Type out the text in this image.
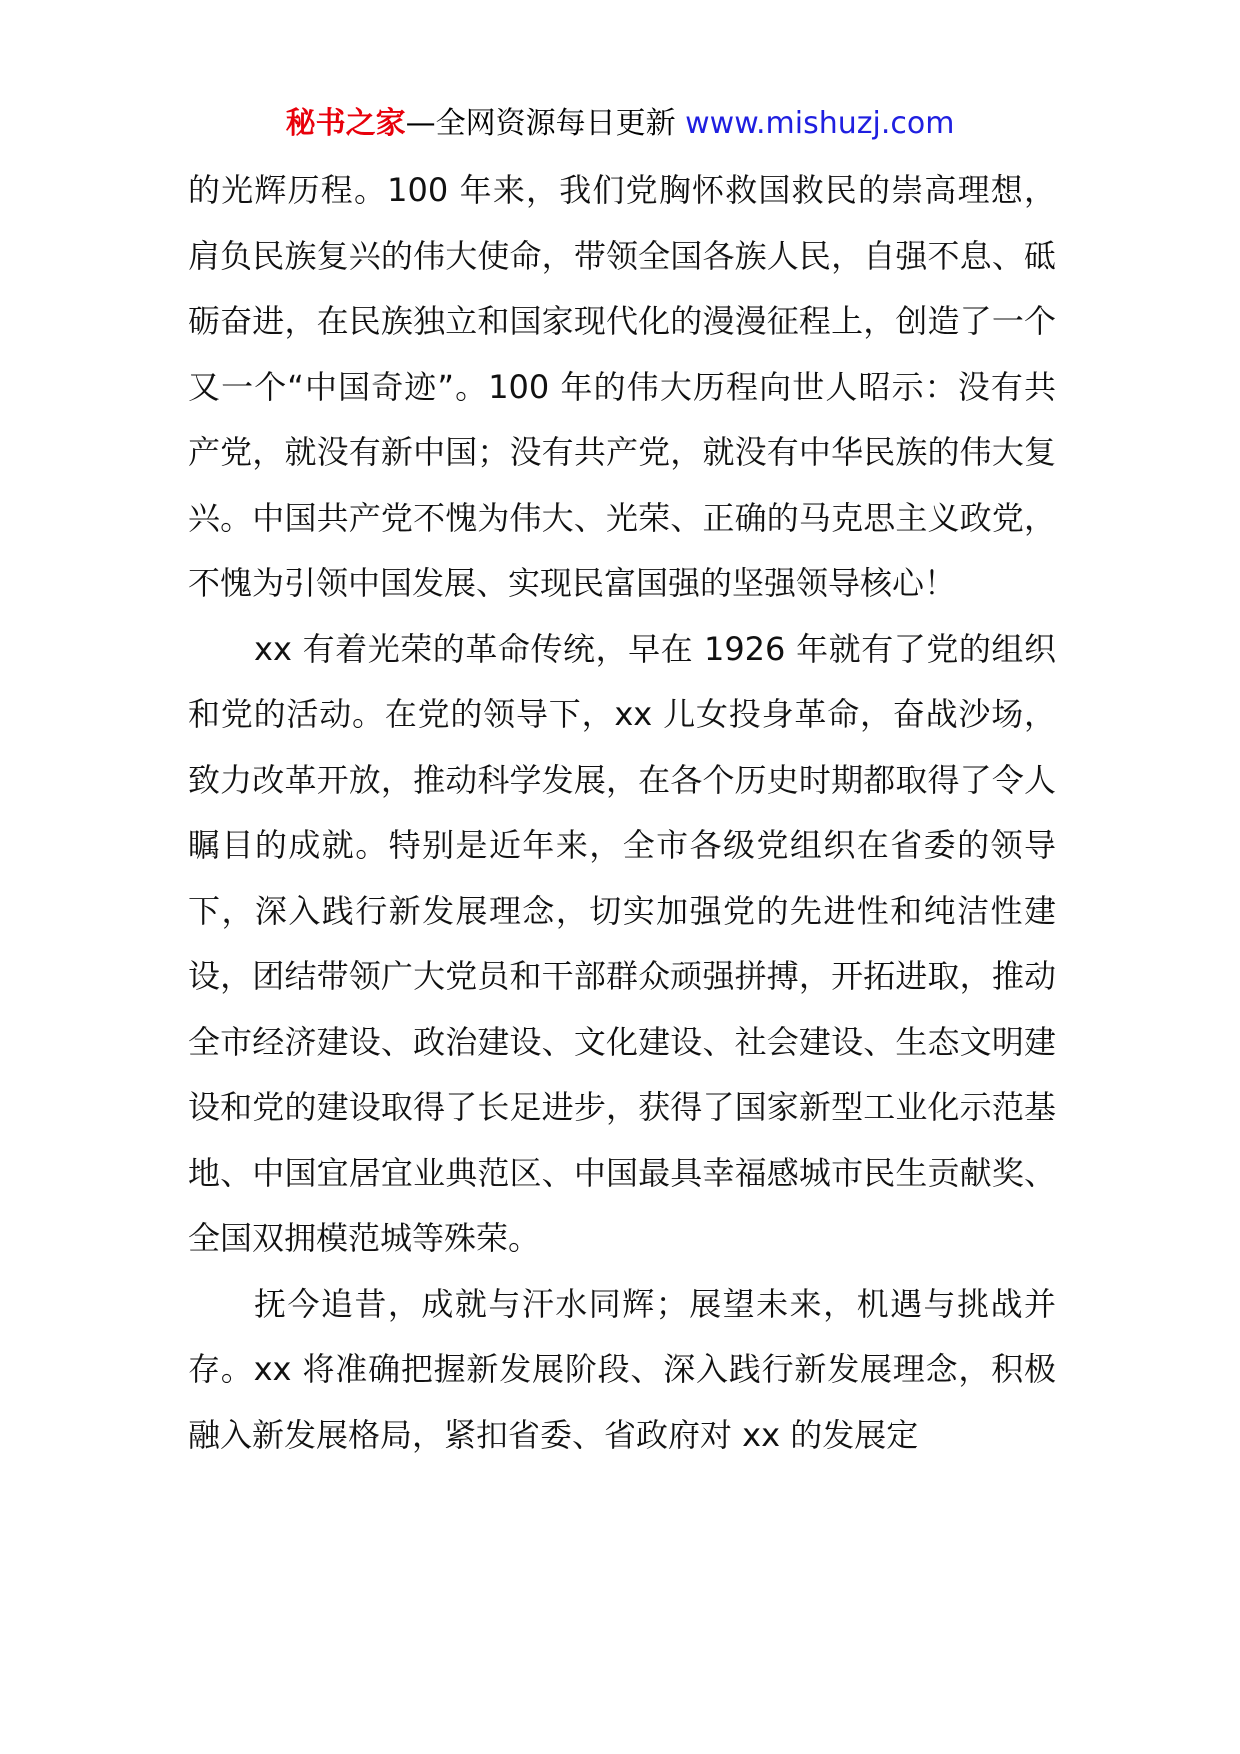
秘书之家—全网资源每日更新 www.mishuzj.com

的光辉历程。100 年来，我们党胸怀救国救民的崇高理想，肩负民族复兴的伟大使命，带领全国各族人民，自强不息、砥砺奋进，在民族独立和国家现代化的漫漫征程上，创造了一个又一个“中国奇迹”。100 年的伟大历程向世人昭示：没有共产党，就没有新中国；没有共产党，就没有中华民族的伟大复兴。中国共产党不愧为伟大、光荣、正确的马克思主义政党，不愧为引领中国发展、实现民富国强的坚强领导核心！

xx 有着光荣的革命传统，早在 1926 年就有了党的组织和党的活动。在党的领导下，xx 儿女投身革命，奋战沙场，致力改革开放，推动科学发展，在各个历史时期都取得了令人瞩目的成就。特别是近年来，全市各级党组织在省委的领导下，深入践行新发展理念，切实加强党的先进性和纯洁性建设，团结带领广大党员和干部群众顽强拼搏，开拓进取，推动全市经济建设、政治建设、文化建设、社会建设、生态文明建设和党的建设取得了长足进步，获得了国家新型工业化示范基地、中国宜居宜业典范区、中国最具幸福感城市民生贡献奖、全国双拥模范城等殊荣。

抚今追昔，成就与汗水同辉；展望未来，机遇与挑战并存。xx 将准确把握新发展阶段、深入践行新发展理念，积极融入新发展格局，紧扣省委、省政府对 xx 的发展定
